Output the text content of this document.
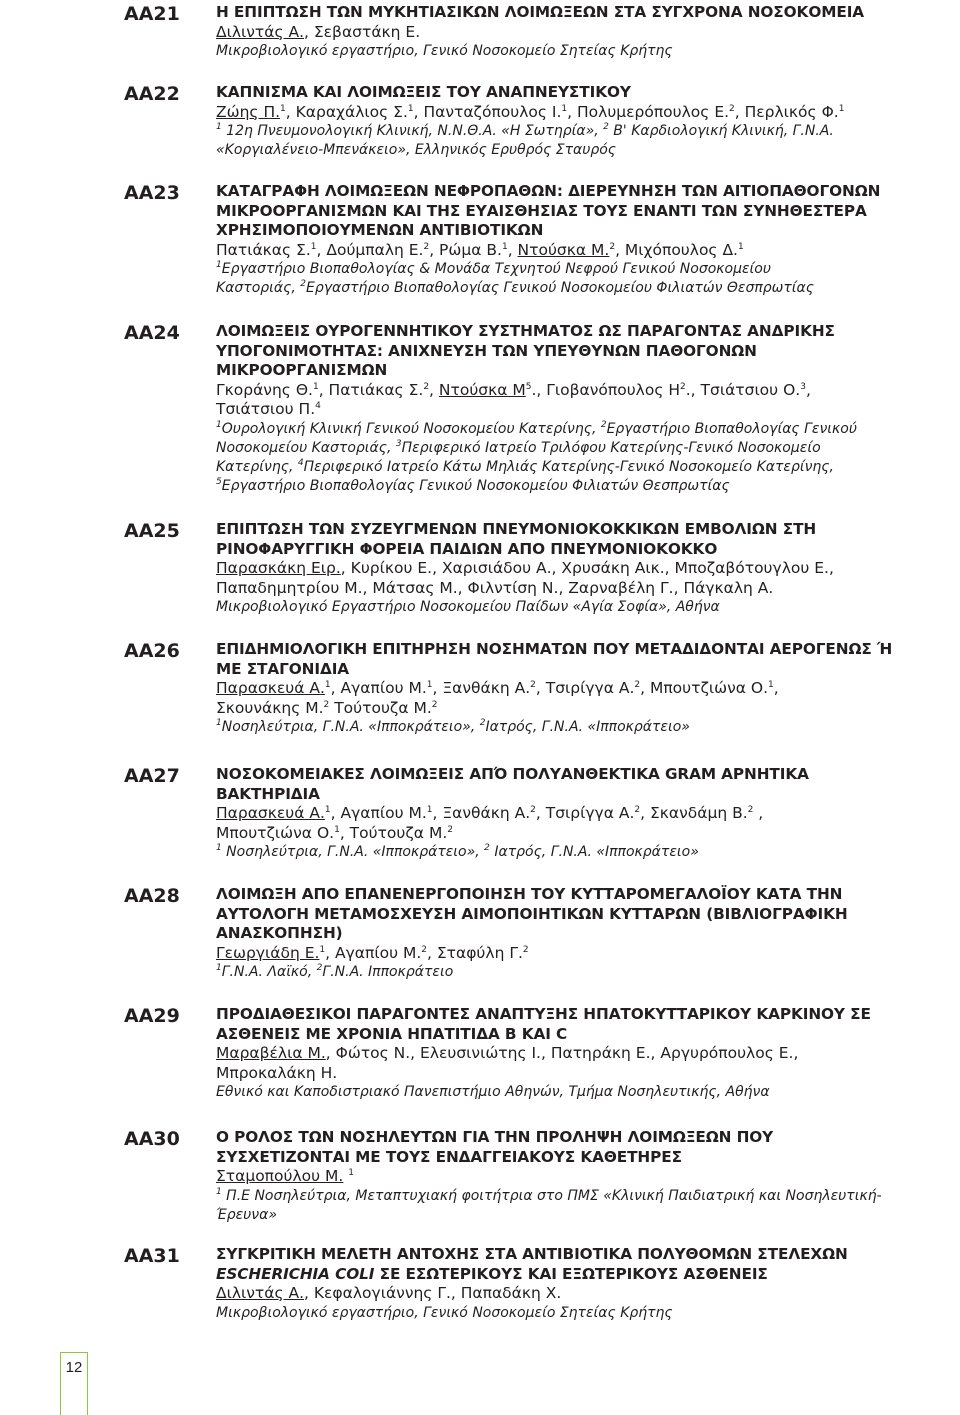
AA21 Η ΕΠΙΠΤΩΣΗ ΤΩΝ ΜΥΚΗΤΙΑΣΙΚΩΝ ΛΟΙΜΩΞΕΩΝ ΣΤΑ ΣΥΓΧΡΟΝΑ ΝΟΣΟΚΟΜΕΙΑ
Διλιντάς Α., Σεβαστάκη Ε.
Μικροβιολογικό εργαστήριο, Γενικό Νοσοκομείο Σητείας Κρήτης
AA22 ΚΑΠΝΙΣΜΑ ΚΑΙ ΛΟΙΜΩΞΕΙΣ ΤΟΥ ΑΝΑΠΝΕΥΣΤΙΚΟΥ
Ζώης Π.$^1$, Καραχάλιος Σ.$^1$, Πανταζόπουλος Ι.$^1$, Πολυμερόπουλος Ε.$^2$, Περλικός Φ.$^1$
$^1$ 12η Πνευμονολογική Κλινική, Ν.Ν.Θ.Α. «Η Σωτηρία», $^2$ Β' Καρδιολογική Κλινική, Γ.Ν.Α.
«Κοργιαλένειο-Μπενάκειο», Ελληνικός Ερυθρός Σταυρός
AA23 ΚΑΤΑΓΡΑΦΗ ΛΟΙΜΩΞΕΩΝ ΝΕΦΡΟΠΑΘΩΝ: ΔΙΕΡΕΥΝΗΣΗ ΤΩΝ ΑΙΤΙΟΠΑΘΟΓΟΝΩΝ
ΜΙΚΡΟΟΡΓΑΝΙΣΜΩΝ ΚΑΙ ΤΗΣ ΕΥΑΙΣΘΗΣΙΑΣ ΤΟΥΣ ΕΝΑΝΤΙ ΤΩΝ ΣΥΝΗΘΕΣΤΕΡΑ
ΧΡΗΣΙΜΟΠΟΙΟΥΜΕΝΩΝ ΑΝΤΙΒΙΟΤΙΚΩΝ
Πατιάκας Σ.$^1$, Δούμπαλη Ε.$^2$, Ρώμα Β.$^1$, Ντούσκα Μ.$^2$, Μιχόπουλος Δ.$^1$
$^1$Εργαστήριο Βιοπαθολογίας & Μονάδα Τεχνητού Νεφρού Γενικού Νοσοκομείου
Καστοριάς, $^2$Εργαστήριο Βιοπαθολογίας Γενικού Νοσοκομείου Φιλιατών Θεσπρωτίας
AA24 ΛΟΙΜΩΞΕΙΣ ΟΥΡΟΓΕΝΝΗΤΙΚΟΥ ΣΥΣΤΗΜΑΤΟΣ ΩΣ ΠΑΡΑΓΟΝΤΑΣ ΑΝΔΡΙΚΗΣ
ΥΠΟΓΟΝΙΜΟΤΗΤΑΣ: ΑΝΙΧΝΕΥΣΗ ΤΩΝ ΥΠΕΥΘΥΝΩΝ ΠΑΘΟΓΟΝΩΝ
ΜΙΚΡΟΟΡΓΑΝΙΣΜΩΝ
Γκοράνης Θ.$^1$, Πατιάκας Σ.$^2$, Ντούσκα $M^5$., Γιοβανόπουλος $H^2$., Τσιάτσιου Ο.$^3$,
Τσιάτσιου Π.$^4$
$^1$Ουρολογική Κλινική Γενικού Νοσοκομείου Κατερίνης, $^2$Εργαστήριο Βιοπαθολογίας Γενικού
Νοσοκομείου Καστοριάς, $^3$Περιφερικό Ιατρείο Τριλόφου Κατερίνης-Γενικό Νοσοκομείο
Κατερίνης, $^4$Περιφερικό Ιατρείο Κάτω Μηλιάς Κατερίνης-Γενικό Νοσοκομείο Κατερίνης,
$^5$Εργαστήριο Βιοπαθολογίας Γενικού Νοσοκομείου Φιλιατών Θεσπρωτίας
AA25 ΕΠΙΠΤΩΣΗ ΤΩΝ ΣΥΖΕΥΓΜΕΝΩΝ ΠΝΕΥΜΟΝΙΟΚΟΚΚΙΚΩΝ ΕΜΒΟΛΙΩΝ ΣΤΗ
ΡΙΝΟΦΑΡΥΓΓΙΚΗ ΦΟΡΕΙΑ ΠΑΙΔΙΩΝ ΑΠΟ ΠΝΕΥΜΟΝΙΟΚΟΚΚΟ
Παρασκάκη Ειρ., Κυρίκου Ε., Χαρισιάδου Α., Χρυσάκη Αικ., Μποζαβότουγλου Ε.,
Παπαδημητρίου Μ., Μάτσας Μ., Φιλντίση Ν., Ζαρναβέλη Γ., Πάγκαλη Α.
Μικροβιολογικό Εργαστήριο Νοσοκομείου Παίδων «Αγία Σοφία», Αθήνα
AA26 ΕΠΙΔΗΜΙΟΛΟΓΙΚΗ ΕΠΙΤΗΡΗΣΗ ΝΟΣΗΜΑΤΩΝ ΠΟΥ ΜΕΤΑΔΙΔΟΝΤΑΙ ΑΕΡΟΓΕΝΩΣ Ή
ΜΕ ΣΤΑΓΟΝΙΔΙΑ
Παρασκευά Α.$^1$, Αγαπίου Μ.$^1$, Ξανθάκη Α.$^2$, Τσιρίγγα Α.$^2$, Μπουτζιώνα Ο.$^1$,
Σκουνάκης Μ.$^2$ Τούτουζα Μ.$^2$
$^1$Νοσηλεύτρια, Γ.Ν.Α. «Ιπποκράτειο», $^2$Ιατρός, Γ.Ν.Α. «Ιπποκράτειο»
AA27 ΝΟΣΟΚΟΜΕΙΑΚΕΣ ΛΟΙΜΩΞΕΙΣ ΑΠΌ ΠΟΛΥΑΝΘΕΚΤΙΚΑ GRAM ΑΡΝΗΤΙΚΑ
ΒΑΚΤΗΡΙΔΙΑ
Παρασκευά Α.$^1$, Αγαπίου Μ.$^1$, Ξανθάκη Α.$^2$, Τσιρίγγα Α.$^2$, Σκανδάμη Β.$^2$ ,
Μπουτζιώνα Ο.$^1$, Τούτουζα Μ.$^2$
$^1$ Νοσηλεύτρια, Γ.Ν.Α. «Ιπποκράτειο», $^2$ Ιατρός, Γ.Ν.Α. «Ιπποκράτειο»
AA28 ΛΟΙΜΩΞΗ ΑΠΟ ΕΠΑΝΕΝΕΡΓΟΠΟΙΗΣΗ ΤΟΥ ΚΥΤΤΑΡΟΜΕΓΑΛΟΪΟΥ ΚΑΤΑ ΤΗΝ
ΑΥΤΟΛΟΓΗ ΜΕΤΑΜΟΣΧΕΥΣΗ ΑΙΜΟΠΟΙΗΤΙΚΩΝ ΚΥΤΤΑΡΩΝ (ΒΙΒΛΙΟΓΡΑΦΙΚΗ
ΑΝΑΣΚΟΠΗΣΗ)
Γεωργιάδη Ε.$^1$, Αγαπίου Μ.$^2$, Σταφύλη Γ.$^2$
$^1$Γ.Ν.Α. Λαϊκό, $^2$Γ.Ν.Α. Ιπποκράτειο
AA29 ΠΡΟΔΙΑΘΕΣΙΚΟΙ ΠΑΡΑΓΟΝΤΕΣ ΑΝΑΠΤΥΞΗΣ ΗΠΑΤΟΚΥΤΤΑΡΙΚΟΥ ΚΑΡΚΙΝΟΥ ΣΕ
ΑΣΘΕΝΕΙΣ ΜΕ ΧΡΟΝΙΑ ΗΠΑΤΙΤΙΔΑ Β ΚΑΙ C
Μαραβέλια Μ., Φώτος Ν., Ελευσινιώτης Ι., Πατηράκη Ε., Αργυρόπουλος Ε.,
Μπροκαλάκη Η.
Εθνικό και Καποδιστριακό Πανεπιστήμιο Αθηνών, Τμήμα Νοσηλευτικής, Αθήνα
AA30 Ο ΡΟΛΟΣ ΤΩΝ ΝΟΣΗΛΕΥΤΩΝ ΓΙΑ ΤΗΝ ΠΡΟΛΗΨΗ ΛΟΙΜΩΞΕΩΝ ΠΟΥ
ΣΥΣΧΕΤΙΖΟΝΤΑΙ ΜΕ ΤΟΥΣ ΕΝΔΑΓΓΕΙΑΚΟΥΣ ΚΑΘΕΤΗΡΕΣ
Σταμοπούλου Μ. $^1$
$^1$ Π.Ε Νοσηλεύτρια, Μεταπτυχιακή φοιτήτρια στο ΠΜΣ «Κλινική Παιδιατρική και Νοσηλευτική-
Έρευνα»
AA31 ΣΥΓΚΡΙΤΙΚΗ ΜΕΛΕΤΗ ΑΝΤΟΧΗΣ ΣΤΑ ΑΝΤΙΒΙΟΤΙΚΑ ΠΟΛΥΘΟΜΩΝ ΣΤΕΛΕΧΩΝ
ESCHERICHIA COLI ΣΕ ΕΣΩΤΕΡΙΚΟΥΣ ΚΑΙ ΕΞΩΤΕΡΙΚΟΥΣ ΑΣΘΕΝΕΙΣ
Διλιντάς Α., Κεφαλογιάννης Γ., Παπαδάκη Χ.
Μικροβιολογικό εργαστήριο, Γενικό Νοσοκομείο Σητείας Κρήτης
12
